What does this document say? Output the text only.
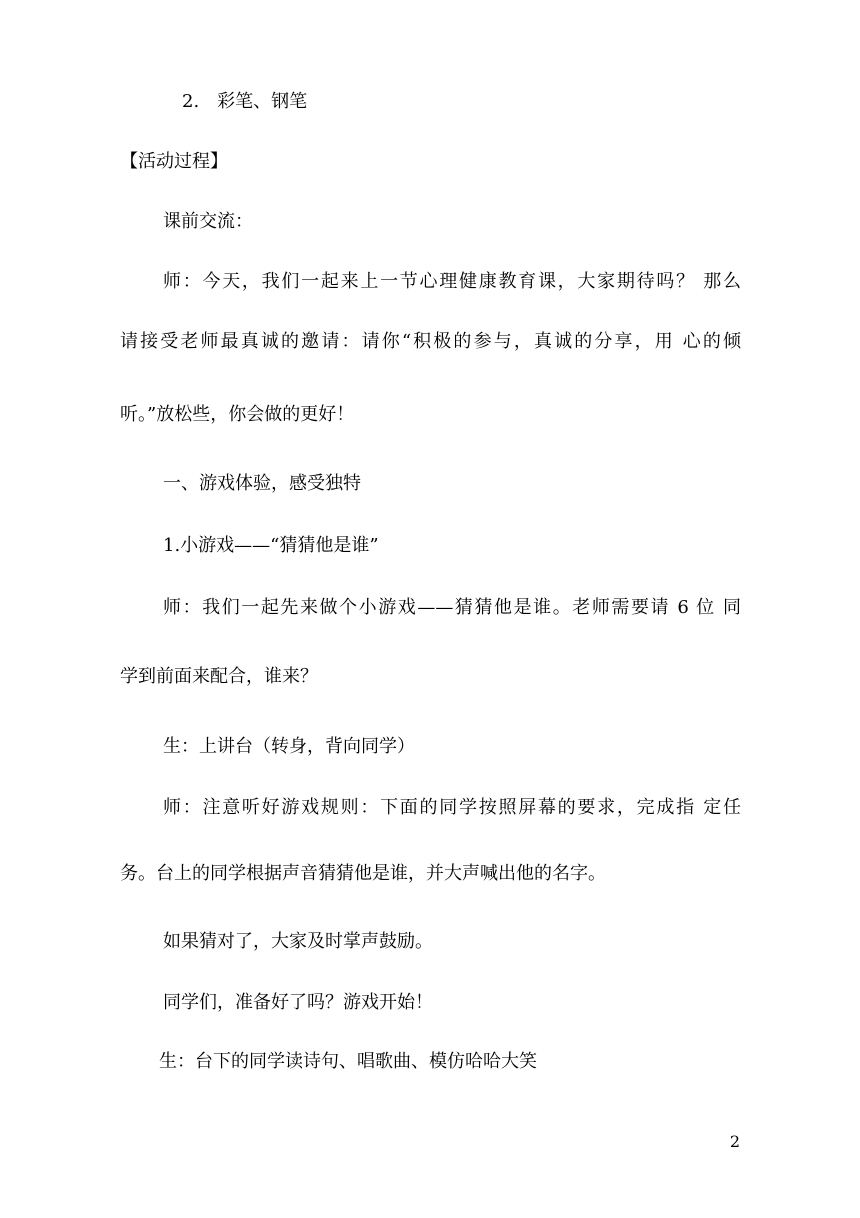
2.　彩笔、钢笔

【活动过程】

课前交流：

师：今天，我们一起来上一节心理健康教育课，大家期待吗？ 那么

请接受老师最真诚的邀请：请你“积极的参与，真诚的分享，用 心的倾

听。”放松些，你会做的更好！

一、游戏体验，感受独特

1.小游戏——“猜猜他是谁”

师：我们一起先来做个小游戏——猜猜他是谁。老师需要请 6 位 同

学到前面来配合，谁来？

生：上讲台（转身，背向同学）

师：注意听好游戏规则：下面的同学按照屏幕的要求，完成指 定任

务。台上的同学根据声音猜猜他是谁，并大声喊出他的名字。

如果猜对了，大家及时掌声鼓励。

同学们，准备好了吗？游戏开始！

生：台下的同学读诗句、唱歌曲、模仿哈哈大笑

2
